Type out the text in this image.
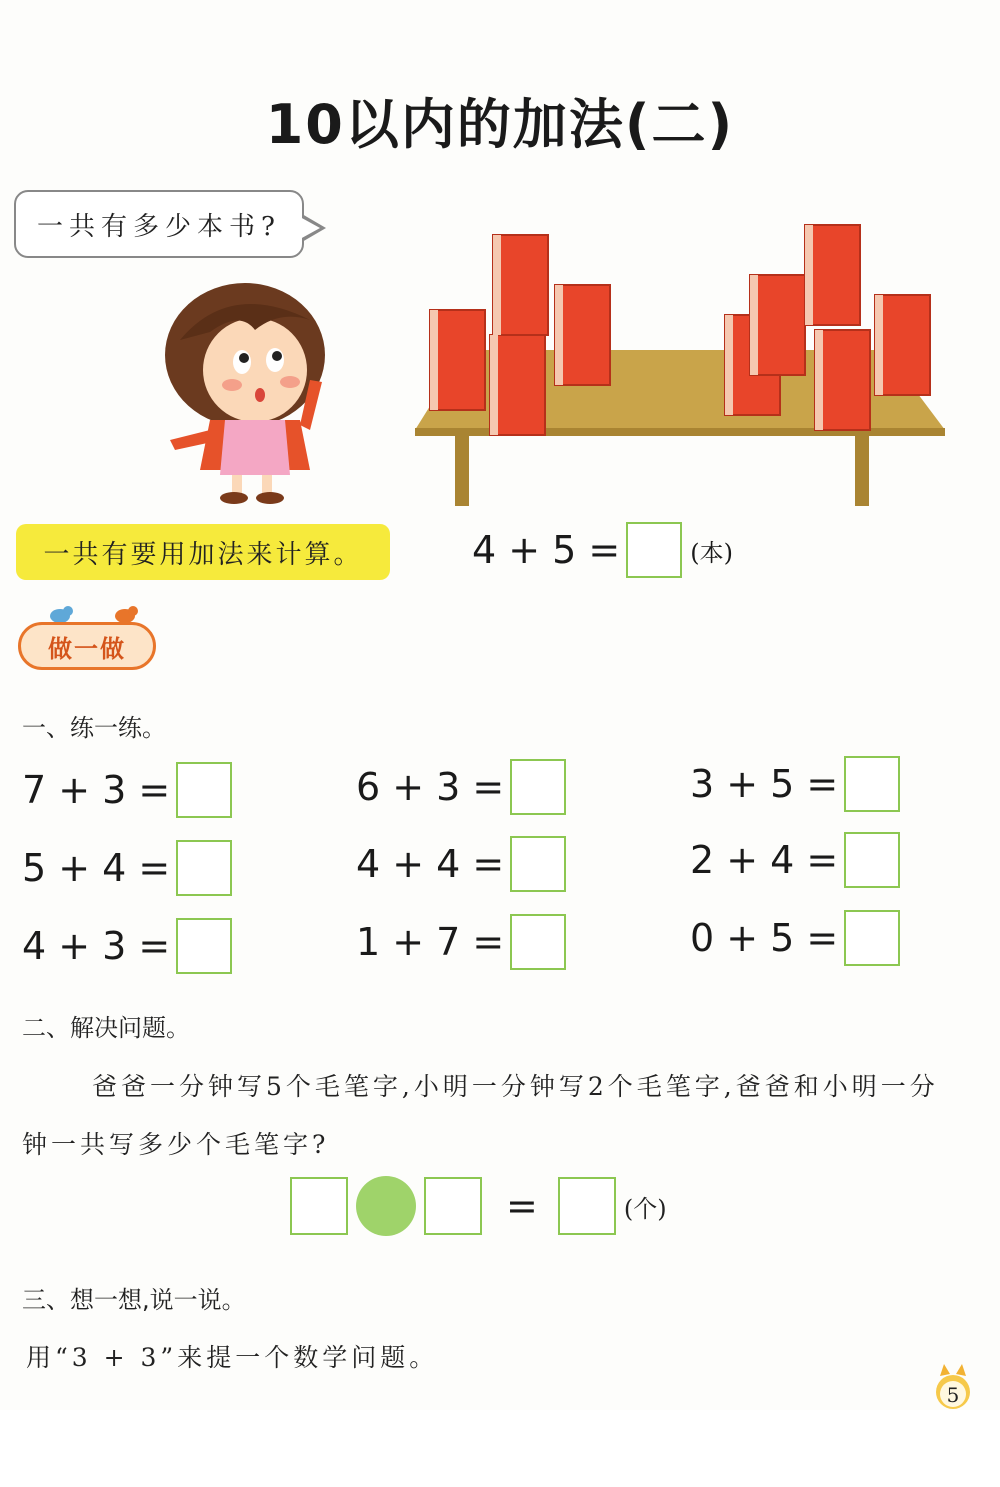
10以内的加法(二)
一共有多少本书?
一共有要用加法来计算。	4 + 5 =	(本)
做一做
一、练一练。
7 + 3 =	6 + 3 =	3 + 5 =
5 + 4 =	4 + 4 =	2 + 4 =
4 + 3 =	1 + 7 =	0 + 5 =
二、解决问题。
爸爸一分钟写5个毛笔字,小明一分钟写2个毛笔字,爸爸和小明一分钟一共写多少个毛笔字?
=	(个)
三、想一想,说一说。
用“3 + 3”来提一个数学问题。
5
